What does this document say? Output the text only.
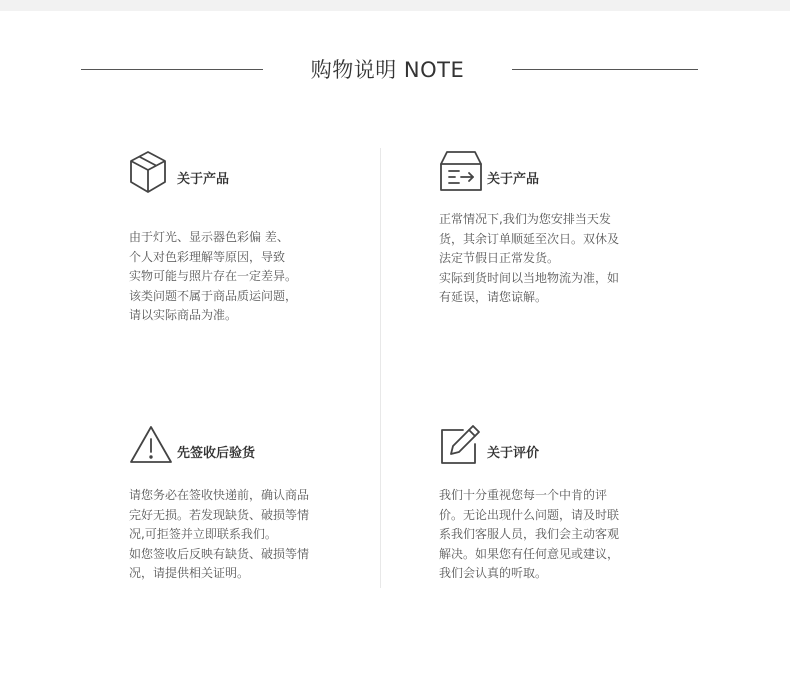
购物说明 NOTE
关于产品

由于灯光、显示器色彩偏 差、

个人对色彩理解等原因，导致

实物可能与照片存在一定差异。

该类问题不属于商品质运问题，

请以实际商品为准。

关于产品

正常情况下,我们为您安排当天发

货，其余订单顺延至次日。双休及

法定节假日正常发货。

实际到货时间以当地物流为准，如

有延误，请您谅解。

先签收后验货

请您务必在签收快递前，确认商品

完好无损。若发现缺货、破损等情

况,可拒签并立即联系我们。

如您签收后反映有缺货、破损等情

况，请提供相关证明。

关于评价

我们十分重视您每一个中肯的评

价。无论出现什么问题，请及时联

系我们客服人员，我们会主动客观

解决。如果您有任何意见或建议，

我们会认真的听取。
